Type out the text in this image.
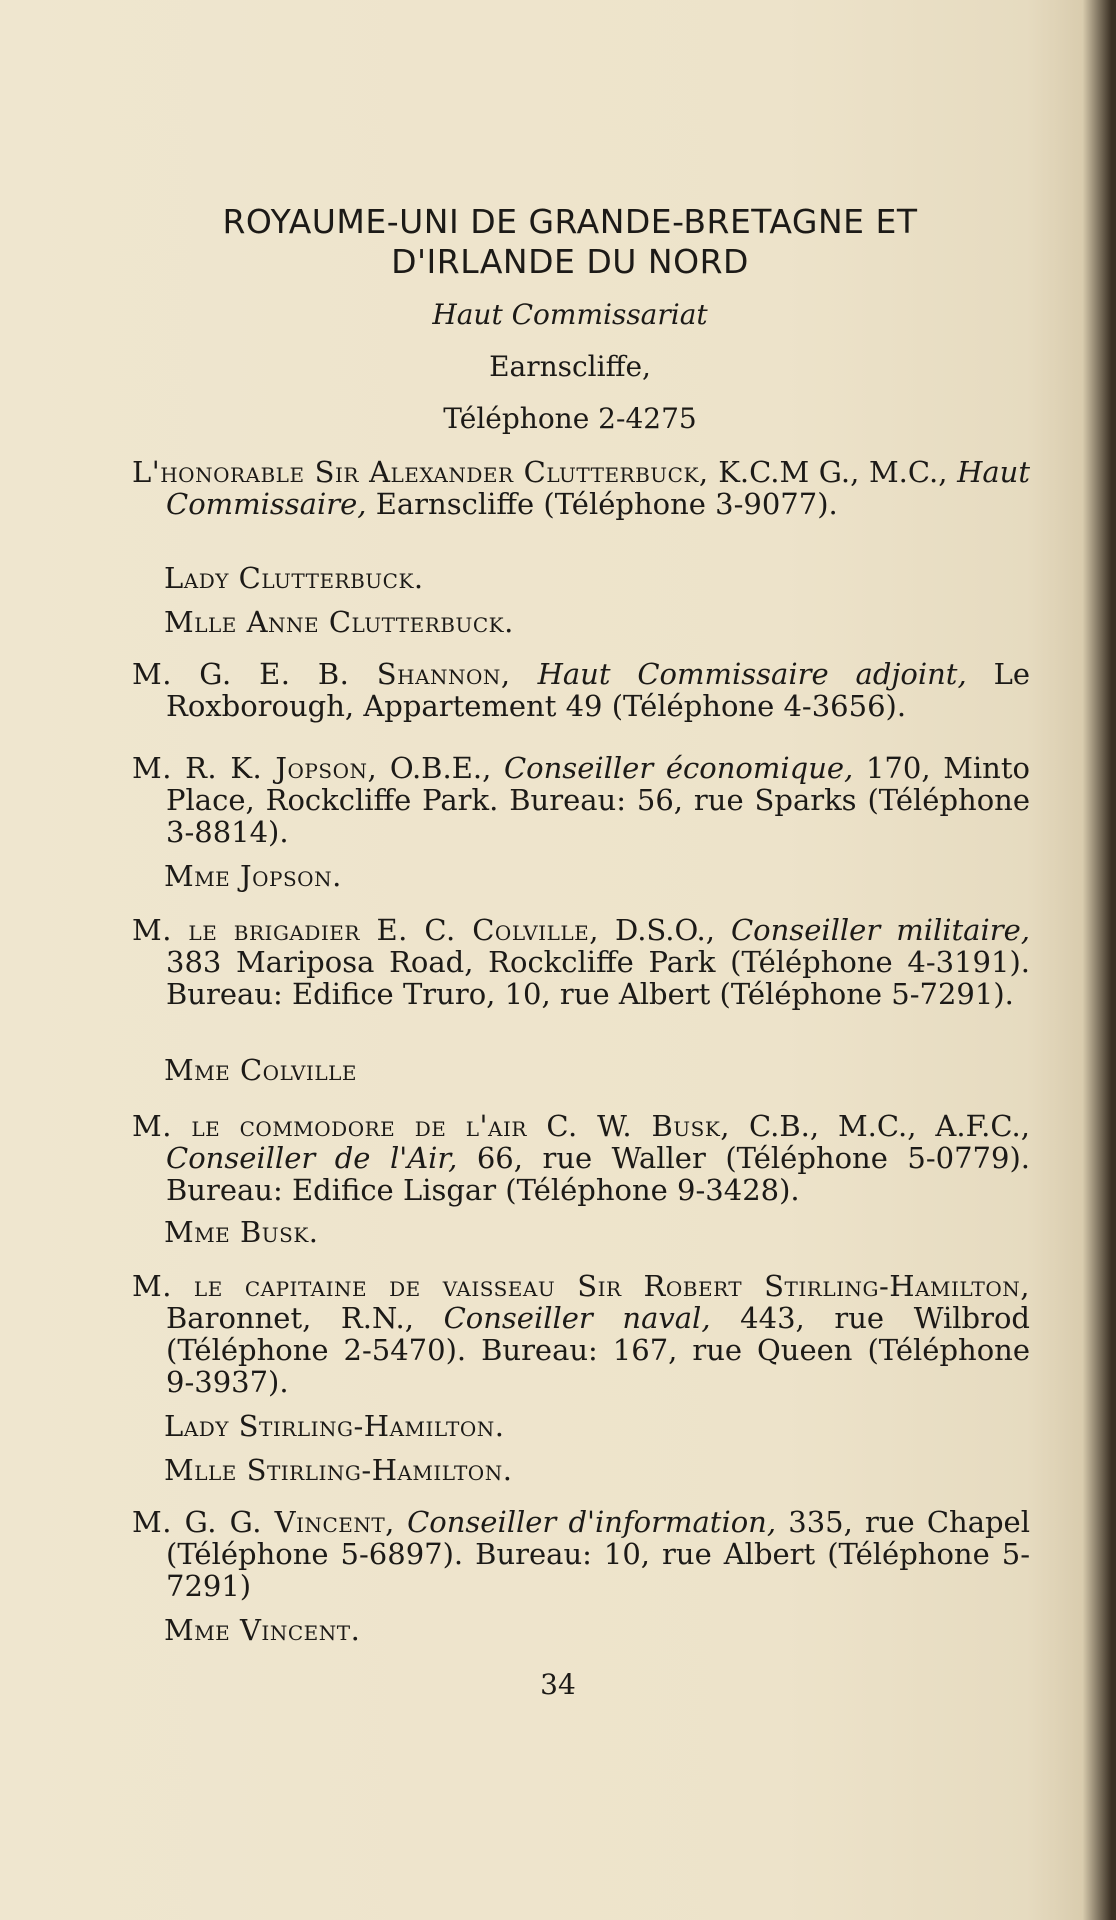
ROYAUME-UNI DE GRANDE-BRETAGNE ET
D'IRLANDE DU NORD
Haut Commissariat
Earnscliffe,
Téléphone 2-4275
L'honorable Sir Alexander Clutterbuck, K.C.M G., M.C., Haut Commissaire, Earnscliffe (Téléphone 3-9077).
Lady Clutterbuck.
Mlle Anne Clutterbuck.
M. G. E. B. Shannon, Haut Commissaire adjoint, Le Roxborough, Appartement 49 (Téléphone 4-3656).
M. R. K. Jopson, O.B.E., Conseiller économique, 170, Minto Place, Rockcliffe Park. Bureau: 56, rue Sparks (Téléphone 3-8814).
Mme Jopson.
M. le brigadier E. C. Colville, D.S.O., Conseiller militaire, 383 Mariposa Road, Rockcliffe Park (Téléphone 4-3191). Bureau: Edifice Truro, 10, rue Albert (Téléphone 5-7291).
Mme Colville
M. le commodore de l'air C. W. Busk, C.B., M.C., A.F.C., Conseiller de l'Air, 66, rue Waller (Téléphone 5-0779). Bureau: Edifice Lisgar (Téléphone 9-3428).
Mme Busk.
M. le capitaine de vaisseau Sir Robert Stirling-Hamilton, Baronnet, R.N., Conseiller naval, 443, rue Wilbrod (Téléphone 2-5470). Bureau: 167, rue Queen (Téléphone 9-3937).
Lady Stirling-Hamilton.
Mlle Stirling-Hamilton.
M. G. G. Vincent, Conseiller d'information, 335, rue Chapel (Téléphone 5-6897). Bureau: 10, rue Albert (Téléphone 5-7291)
Mme Vincent.
34
